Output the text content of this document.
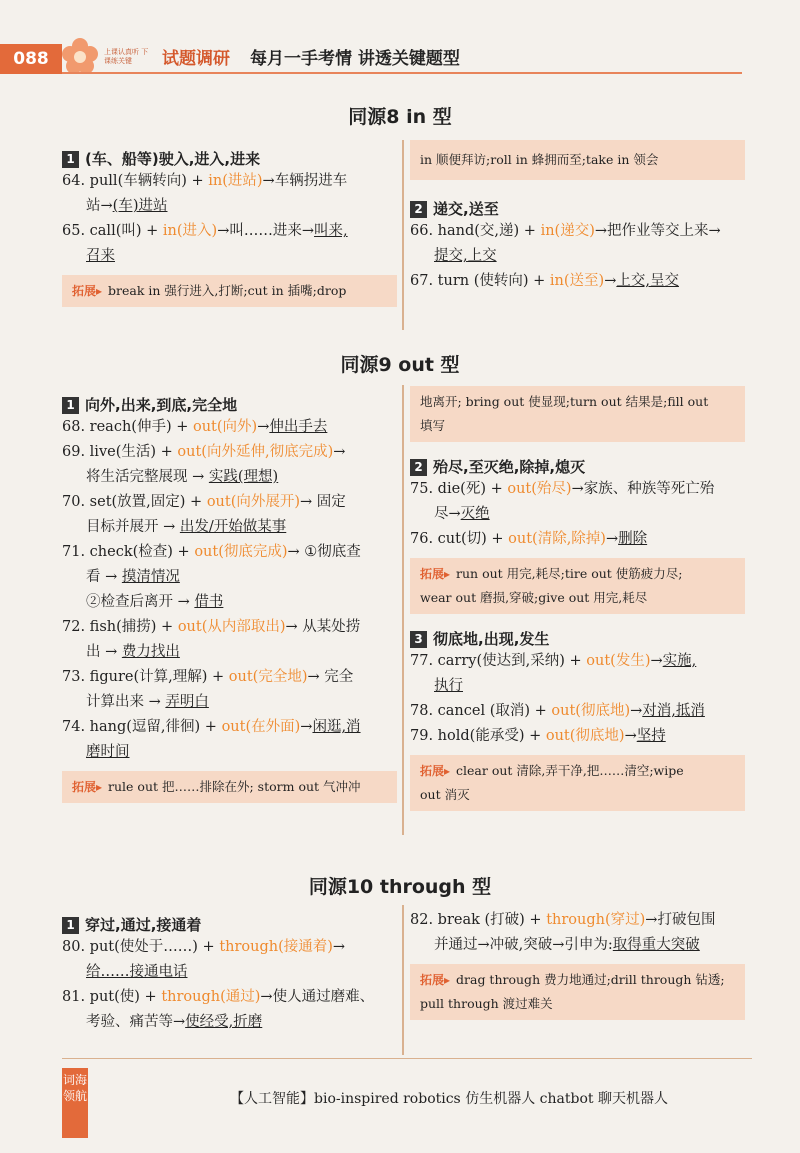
088	上课认真听 下课练关键	试题调研 每月一手考情 讲透关键题型
同源8 in 型
1 (车、船等)驶入,进入,进来
64. pull(车辆转向) + in(进站)→车辆拐进车
站→(车)进站
65. call(叫) + in(进入)→叫……进来→叫来,
召来
拓展▸ break in 强行进入,打断;cut in 插嘴;drop
in 顺便拜访;roll in 蜂拥而至;take in 领会
2 递交,送至
66. hand(交,递) + in(递交)→把作业等交上来→
提交,上交
67. turn (使转向) + in(送至)→上交,呈交
同源9 out 型
1 向外,出来,到底,完全地
68. reach(伸手) + out(向外)→伸出手去
69. live(生活) + out(向外延伸,彻底完成)→
将生活完整展现 → 实践(理想)
70. set(放置,固定) + out(向外展开)→ 固定
目标并展开 → 出发/开始做某事
71. check(检查) + out(彻底完成)→ ①彻底查
看 → 摸清情况
②检查后离开 → 借书
72. fish(捕捞) + out(从内部取出)→ 从某处捞
出 → 费力找出
73. figure(计算,理解) + out(完全地)→ 完全
计算出来 → 弄明白
74. hang(逗留,徘徊) + out(在外面)→闲逛,消
磨时间
拓展▸ rule out 把……排除在外; storm out 气冲冲
地离开; bring out 使显现;turn out 结果是;fill out
填写
2 殆尽,至灭绝,除掉,熄灭
75. die(死) + out(殆尽)→家族、种族等死亡殆
尽→灭绝
76. cut(切) + out(清除,除掉)→删除
拓展▸ run out 用完,耗尽;tire out 使筋疲力尽;
wear out 磨损,穿破;give out 用完,耗尽
3 彻底地,出现,发生
77. carry(使达到,采纳) + out(发生)→实施,
执行
78. cancel (取消) + out(彻底地)→对消,抵消
79. hold(能承受) + out(彻底地)→坚持
拓展▸ clear out 清除,弄干净,把……清空;wipe
out 消灭
同源10 through 型
1 穿过,通过,接通着
80. put(使处于……) + through(接通着)→
给……接通电话
81. put(使) + through(通过)→使人通过磨难、
考验、痛苦等→使经受,折磨
82. break (打破) + through(穿过)→打破包围
并通过→冲破,突破→引申为:取得重大突破
拓展▸ drag through 费力地通过;drill through 钻透;
pull through 渡过难关
词海领航	【人工智能】bio-inspired robotics 仿生机器人 chatbot 聊天机器人
